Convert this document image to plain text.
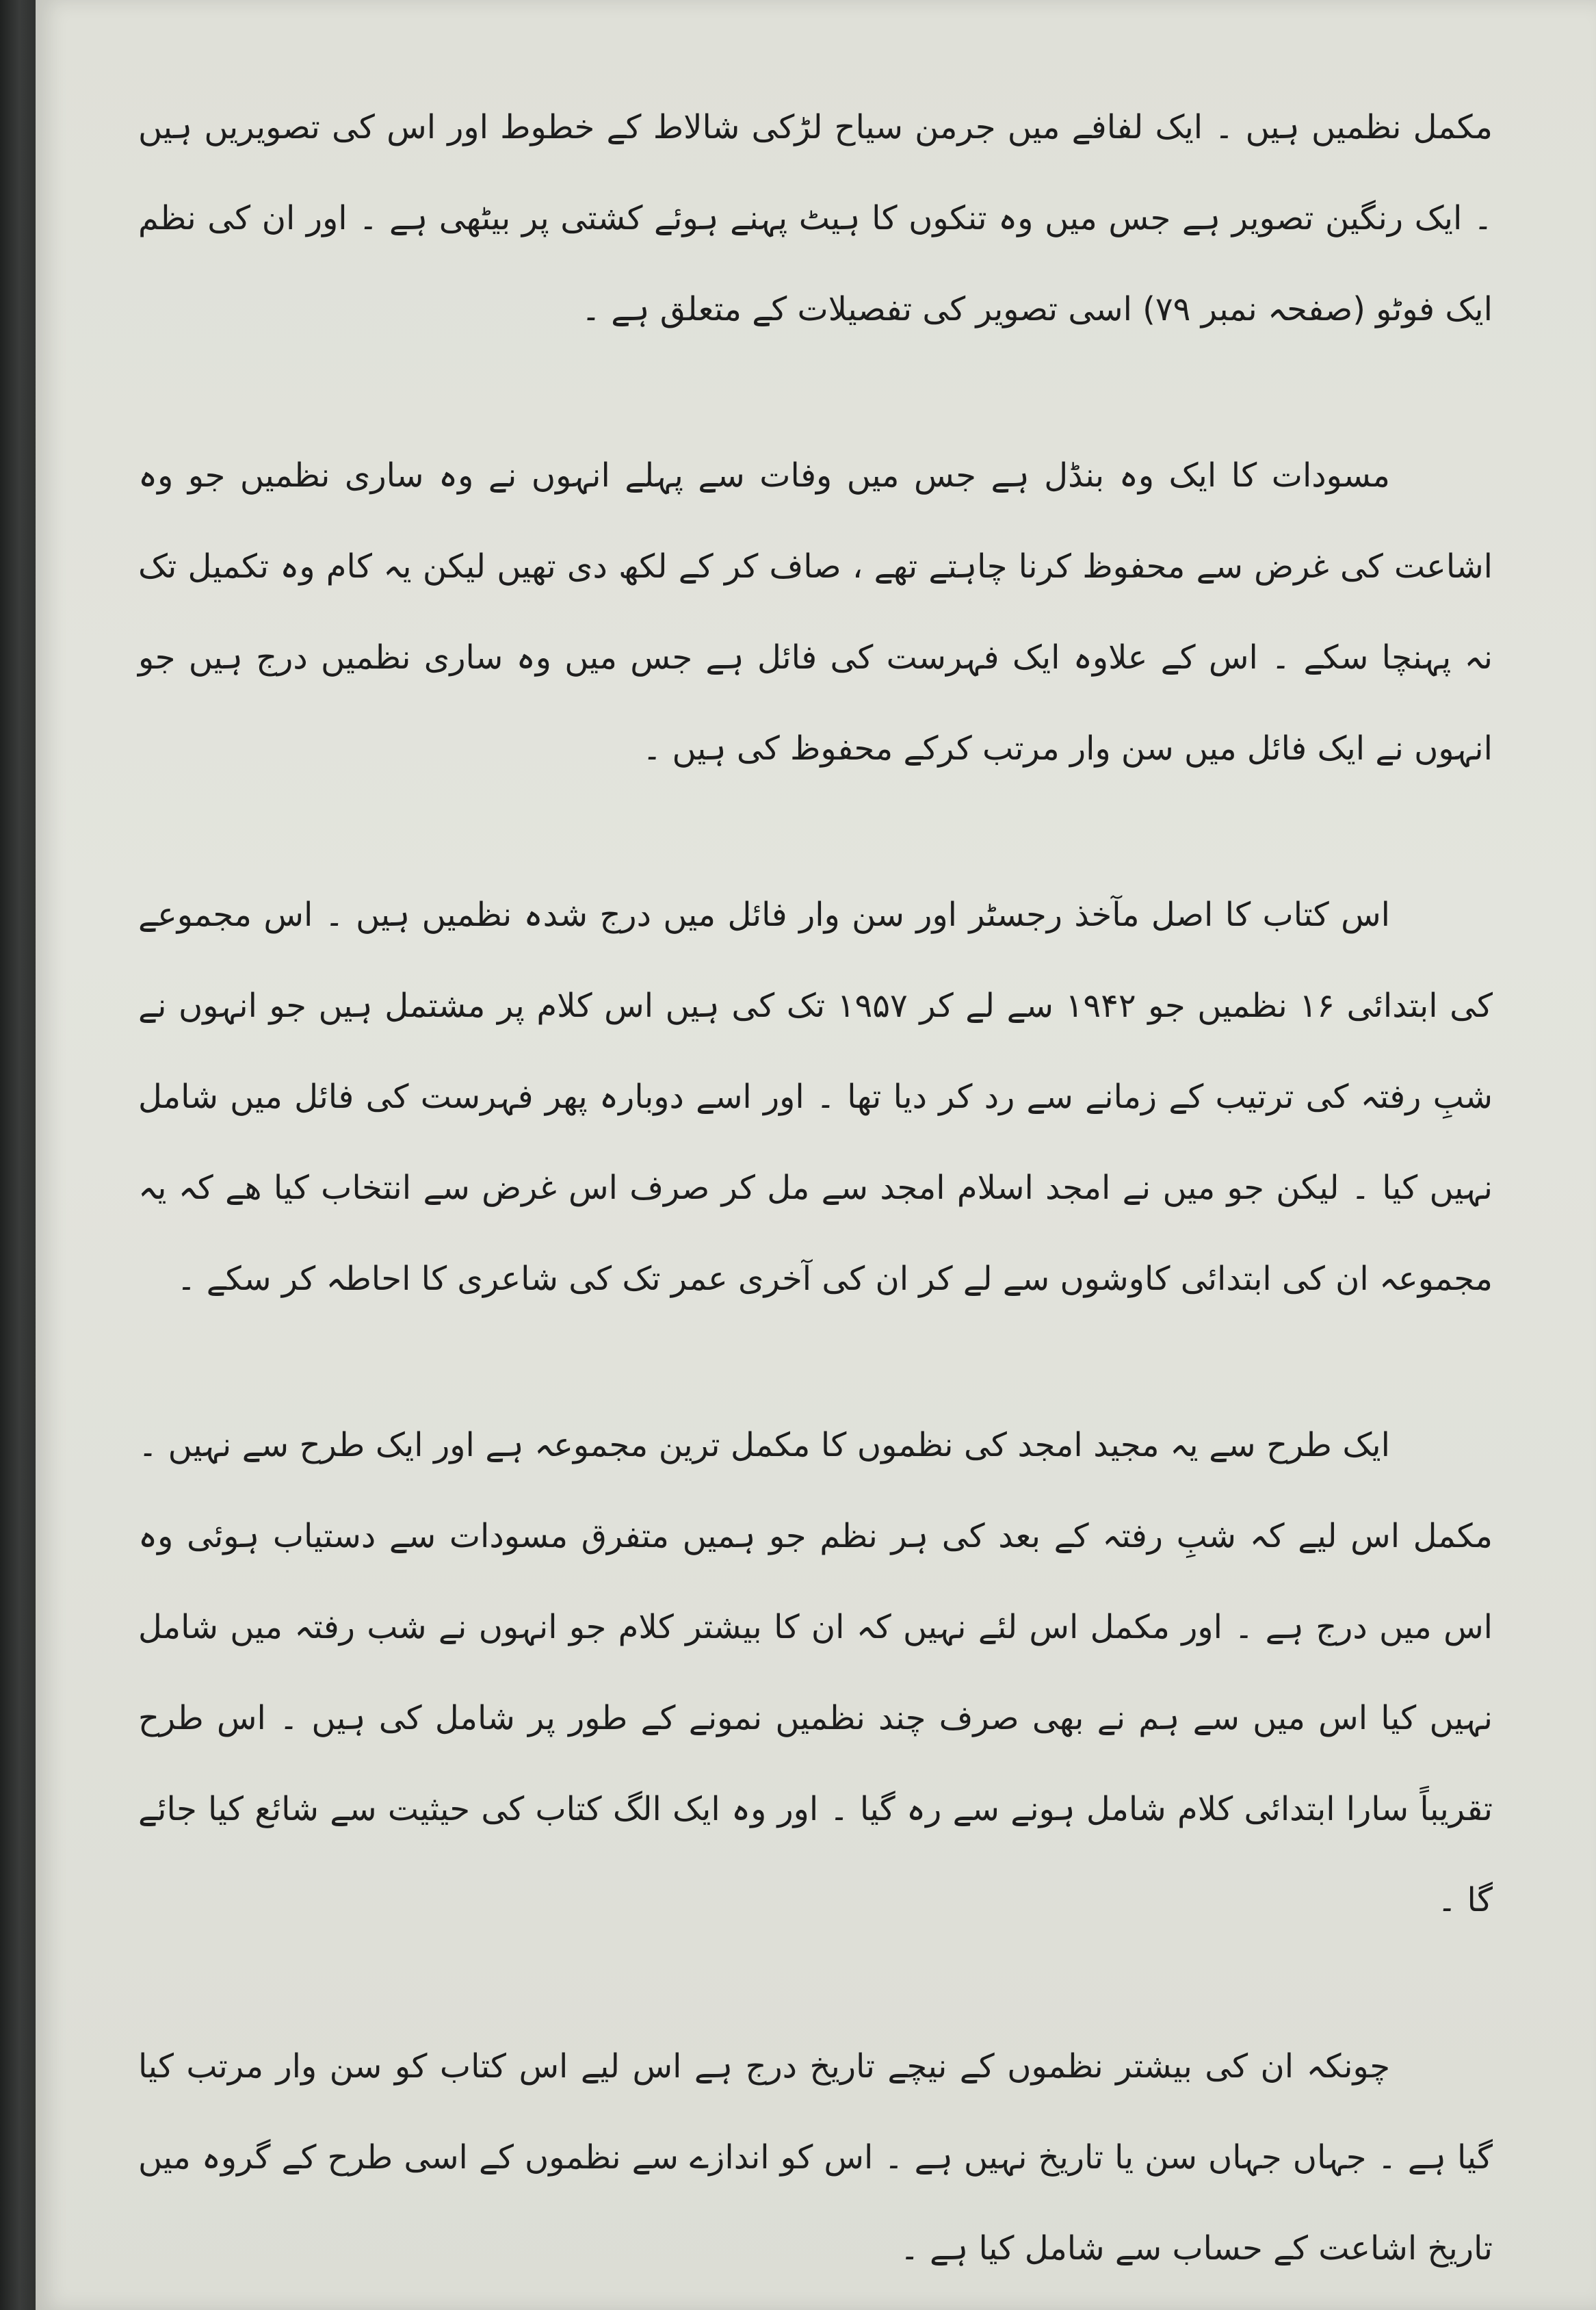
مکمل نظمیں ہیں ۔ ایک لفافے میں جرمن سیاح لڑکی شالاط کے خطوط اور اس کی تصویریں ہیں ۔ ایک رنگین تصویر ہے جس میں وہ تنکوں کا ہیٹ پہنے ہوئے کشتی پر بیٹھی ہے ۔ اور ان کی نظم ایک فوٹو (صفحہ نمبر ۷۹) اسی تصویر کی تفصیلات کے متعلق ہے ۔

مسودات کا ایک وہ بنڈل ہے جس میں وفات سے پہلے انہوں نے وہ ساری نظمیں جو وہ اشاعت کی غرض سے محفوظ کرنا چاہتے تھے ، صاف کر کے لکھ دی تھیں لیکن یہ کام وہ تکمیل تک نہ پہنچا سکے ۔ اس کے علاوہ ایک فہرست کی فائل ہے جس میں وہ ساری نظمیں درج ہیں جو انہوں نے ایک فائل میں سن وار مرتب کرکے محفوظ کی ہیں ۔

اس کتاب کا اصل مآخذ رجسٹر اور سن وار فائل میں درج شدہ نظمیں ہیں ۔ اس مجموعے کی ابتدائی ۱۶ نظمیں جو ۱۹۴۲ سے لے کر ۱۹۵۷ تک کی ہیں اس کلام پر مشتمل ہیں جو انہوں نے شبِ رفتہ کی ترتیب کے زمانے سے رد کر دیا تھا ۔ اور اسے دوبارہ پھر فہرست کی فائل میں شامل نہیں کیا ۔ لیکن جو میں نے امجد اسلام امجد سے مل کر صرف اس غرض سے انتخاب کیا ھے کہ یہ مجموعہ ان کی ابتدائی کاوشوں سے لے کر ان کی آخری عمر تک کی شاعری کا احاطہ کر سکے ۔

ایک طرح سے یہ مجید امجد کی نظموں کا مکمل ترین مجموعہ ہے اور ایک طرح سے نہیں ۔ مکمل اس لیے کہ شبِ رفتہ کے بعد کی ہر نظم جو ہمیں متفرق مسودات سے دستیاب ہوئی وہ اس میں درج ہے ۔ اور مکمل اس لئے نہیں کہ ان کا بیشتر کلام جو انہوں نے شب رفتہ میں شامل نہیں کیا اس میں سے ہم نے بھی صرف چند نظمیں نمونے کے طور پر شامل کی ہیں ۔ اس طرح تقریباً سارا ابتدائی کلام شامل ہونے سے رہ گیا ۔ اور وہ ایک الگ کتاب کی حیثیت سے شائع کیا جائے گا ۔

چونکہ ان کی بیشتر نظموں کے نیچے تاریخ درج ہے اس لیے اس کتاب کو سن وار مرتب کیا گیا ہے ۔ جہاں جہاں سن یا تاریخ نہیں ہے ۔ اس کو اندازے سے نظموں کے اسی طرح کے گروہ میں تاریخ اشاعت کے حساب سے شامل کیا ہے ۔
